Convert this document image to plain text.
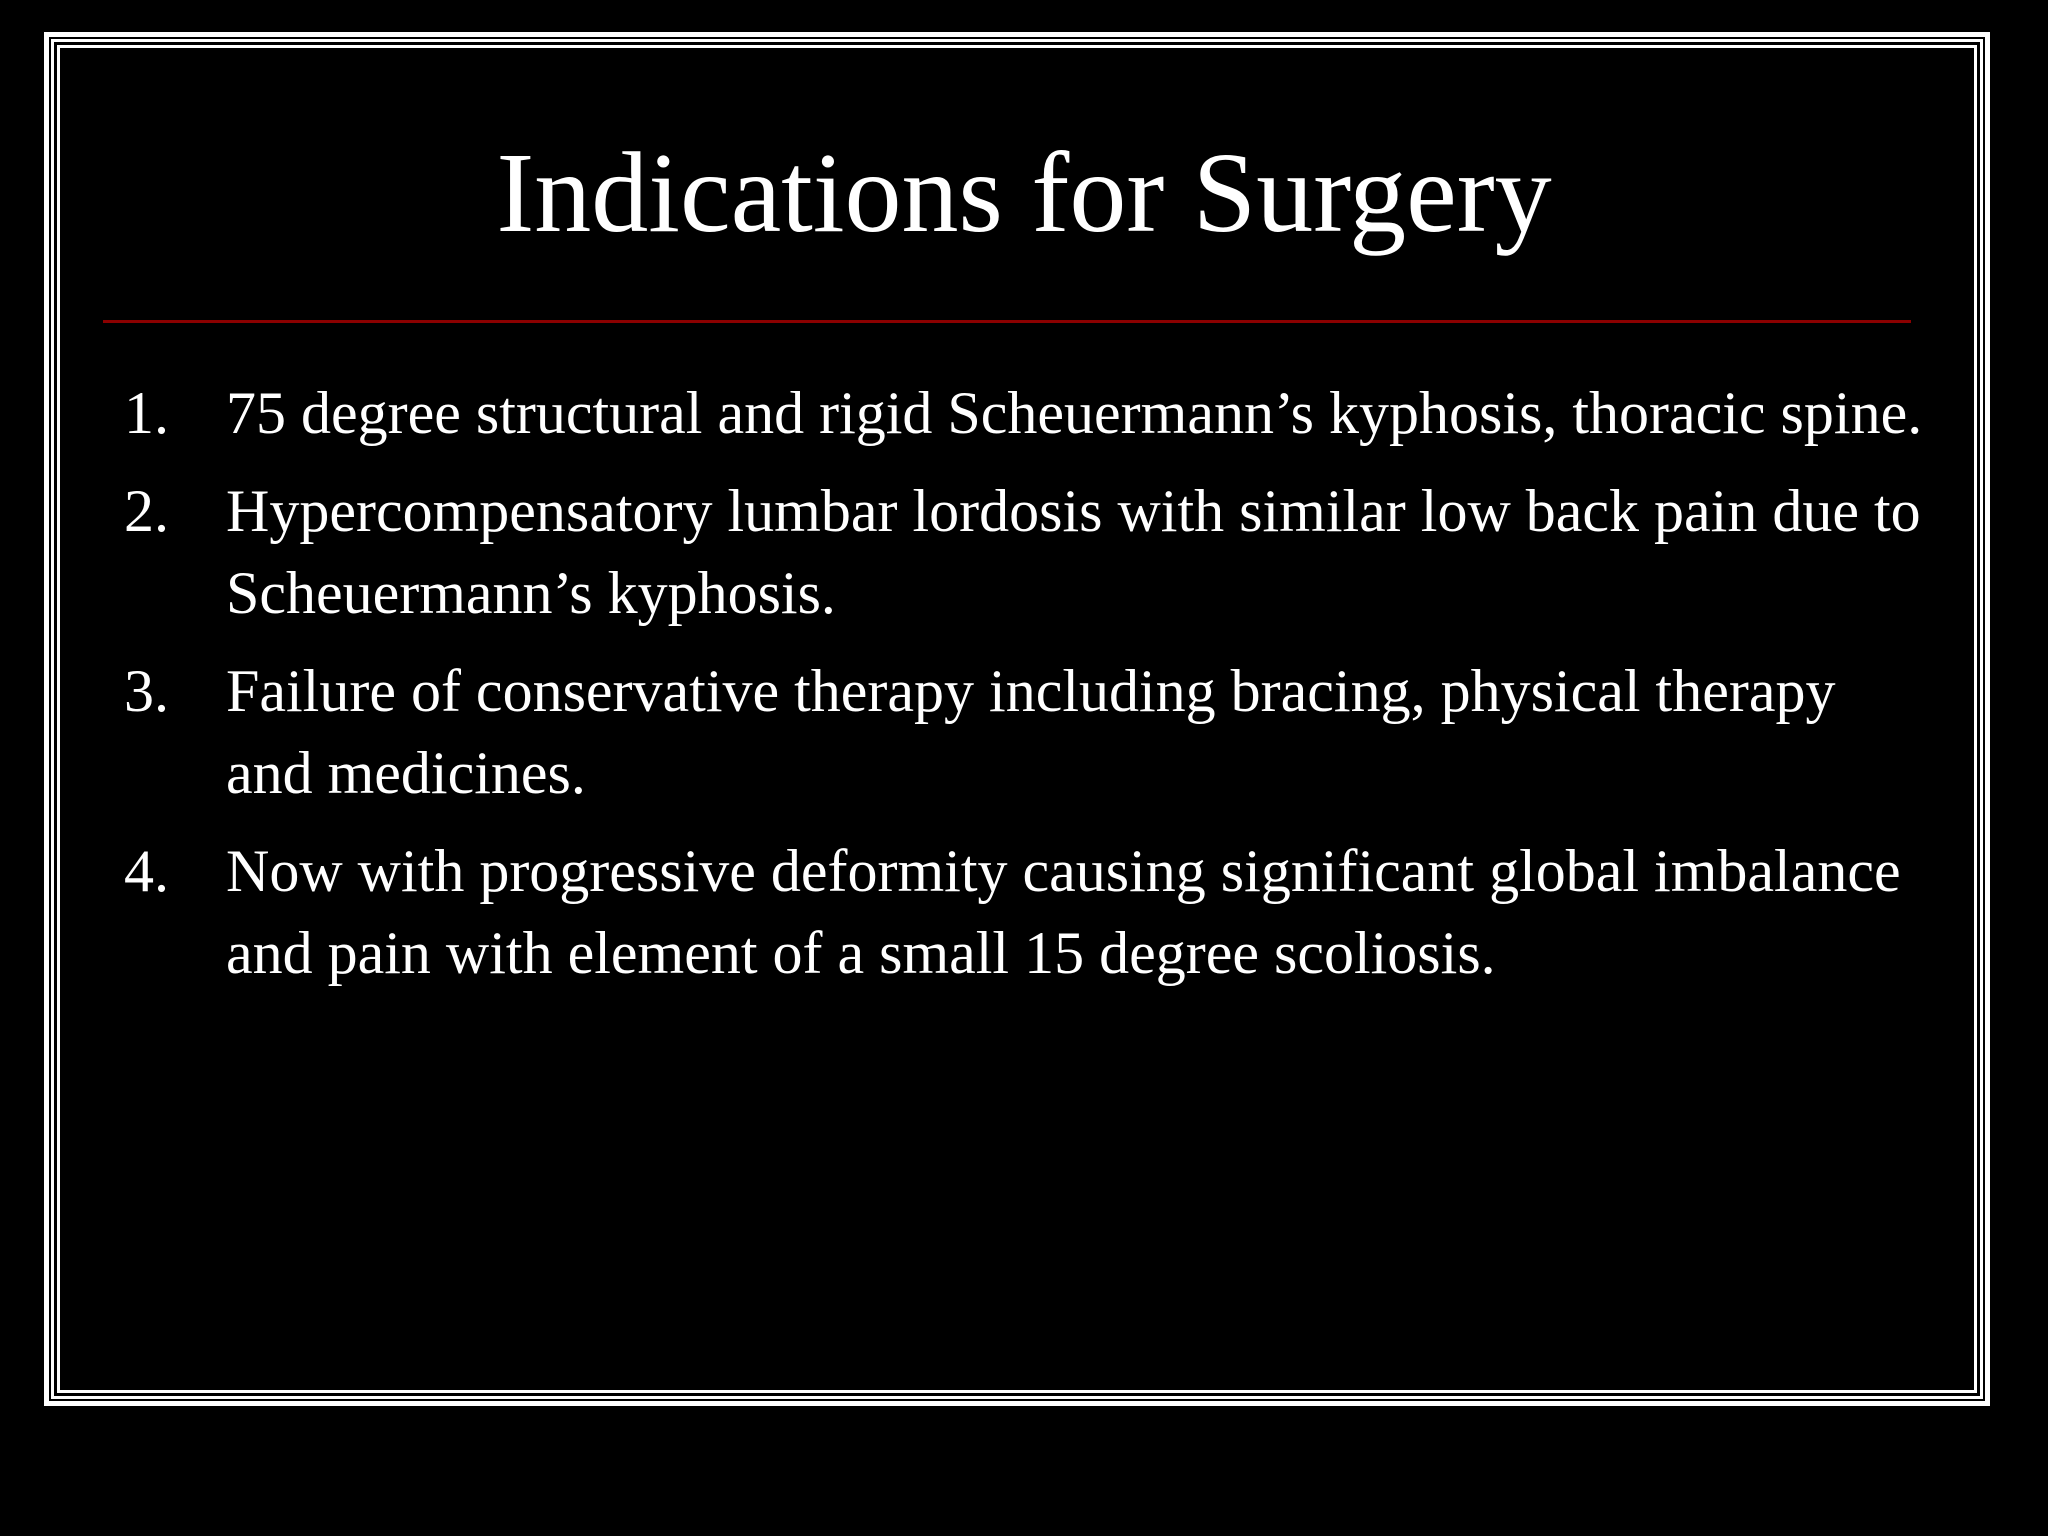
Indications for Surgery
1. 75 degree structural and rigid Scheuermann’s kyphosis, thoracic spine.
2. Hypercompensatory lumbar lordosis with similar low back pain due to Scheuermann’s kyphosis.
3. Failure of conservative therapy including bracing, physical therapy and medicines.
4. Now with progressive deformity causing significant global imbalance and pain with element of a small 15 degree scoliosis.
